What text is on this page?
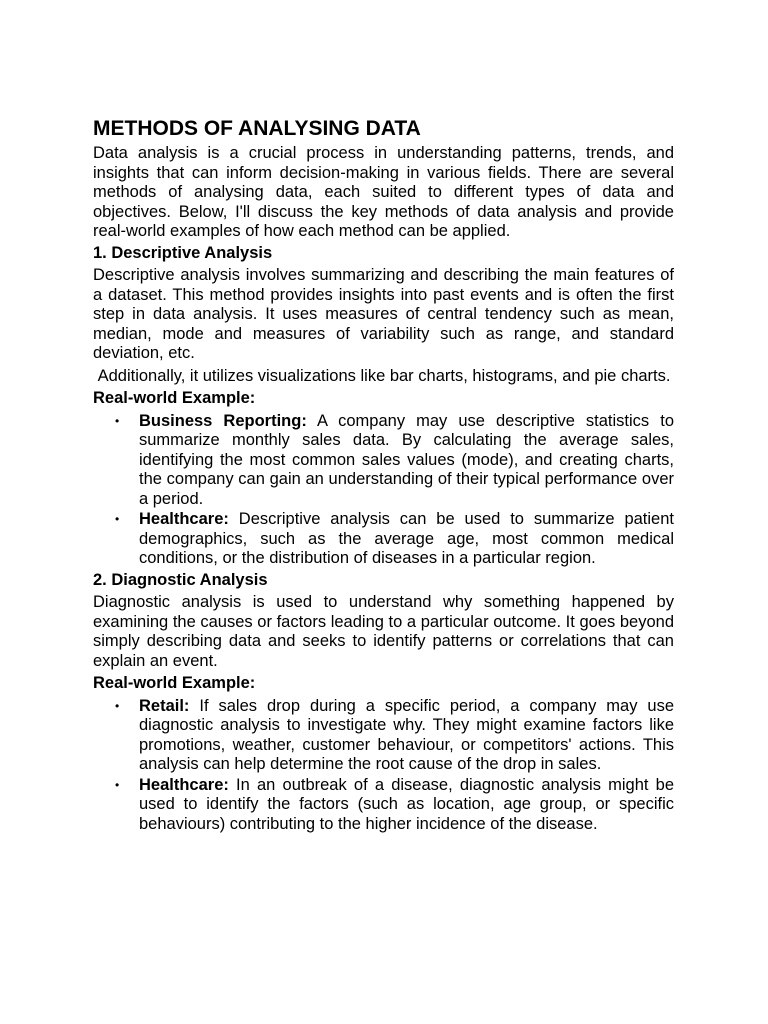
METHODS OF ANALYSING DATA

Data analysis is a crucial process in understanding patterns, trends, and insights that can inform decision-making in various fields. There are several methods of analysing data, each suited to different types of data and objectives. Below, I'll discuss the key methods of data analysis and provide real-world examples of how each method can be applied.

1. Descriptive Analysis

Descriptive analysis involves summarizing and describing the main features of a dataset. This method provides insights into past events and is often the first step in data analysis. It uses measures of central tendency such as mean, median, mode and measures of variability such as range, and standard deviation, etc.

Additionally, it utilizes visualizations like bar charts, histograms, and pie charts.

Real-world Example:
• Business Reporting: A company may use descriptive statistics to summarize monthly sales data. By calculating the average sales, identifying the most common sales values (mode), and creating charts, the company can gain an understanding of their typical performance over a period.
• Healthcare: Descriptive analysis can be used to summarize patient demographics, such as the average age, most common medical conditions, or the distribution of diseases in a particular region.
2. Diagnostic Analysis

Diagnostic analysis is used to understand why something happened by examining the causes or factors leading to a particular outcome. It goes beyond simply describing data and seeks to identify patterns or correlations that can explain an event.

Real-world Example:
• Retail: If sales drop during a specific period, a company may use diagnostic analysis to investigate why. They might examine factors like promotions, weather, customer behaviour, or competitors' actions. This analysis can help determine the root cause of the drop in sales.
• Healthcare: In an outbreak of a disease, diagnostic analysis might be used to identify the factors (such as location, age group, or specific behaviours) contributing to the higher incidence of the disease.
